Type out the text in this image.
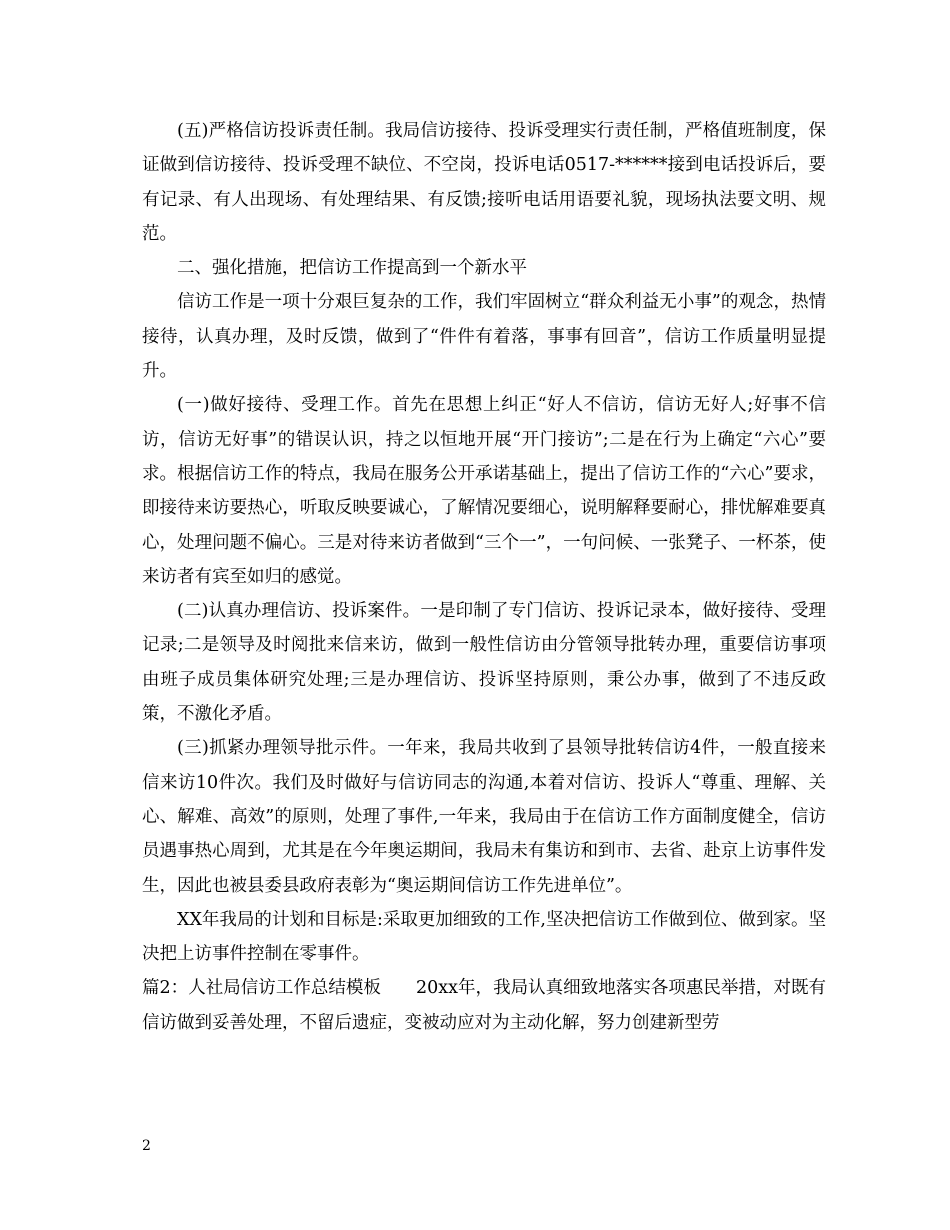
(五)严格信访投诉责任制。我局信访接待、投诉受理实行责任制，严格值班制度，保证做到信访接待、投诉受理不缺位、不空岗，投诉电话0517-******接到电话投诉后，要有记录、有人出现场、有处理结果、有反馈;接听电话用语要礼貌，现场执法要文明、规范。

二、强化措施，把信访工作提高到一个新水平

信访工作是一项十分艰巨复杂的工作，我们牢固树立“群众利益无小事”的观念，热情接待，认真办理，及时反馈，做到了“件件有着落，事事有回音”，信访工作质量明显提升。

(一)做好接待、受理工作。首先在思想上纠正“好人不信访，信访无好人;好事不信访，信访无好事”的错误认识，持之以恒地开展“开门接访”;二是在行为上确定“六心”要求。根据信访工作的特点，我局在服务公开承诺基础上，提出了信访工作的“六心”要求，即接待来访要热心，听取反映要诚心，了解情况要细心，说明解释要耐心，排忧解难要真心，处理问题不偏心。三是对待来访者做到“三个一”，一句问候、一张凳子、一杯茶，使来访者有宾至如归的感觉。

(二)认真办理信访、投诉案件。一是印制了专门信访、投诉记录本，做好接待、受理记录;二是领导及时阅批来信来访，做到一般性信访由分管领导批转办理，重要信访事项由班子成员集体研究处理;三是办理信访、投诉坚持原则，秉公办事，做到了不违反政策，不激化矛盾。

(三)抓紧办理领导批示件。一年来，我局共收到了县领导批转信访4件，一般直接来信来访10件次。我们及时做好与信访同志的沟通,本着对信访、投诉人“尊重、理解、关心、解难、高效”的原则，处理了事件,一年来，我局由于在信访工作方面制度健全，信访员遇事热心周到，尤其是在今年奥运期间，我局未有集访和到市、去省、赴京上访事件发生，因此也被县委县政府表彰为“奥运期间信访工作先进单位”。

XX年我局的计划和目标是:采取更加细致的工作,坚决把信访工作做到位、做到家。坚决把上访事件控制在零事件。

篇2：人社局信访工作总结模板　　20xx年，我局认真细致地落实各项惠民举措，对既有信访做到妥善处理，不留后遗症，变被动应对为主动化解，努力创建新型劳

2
